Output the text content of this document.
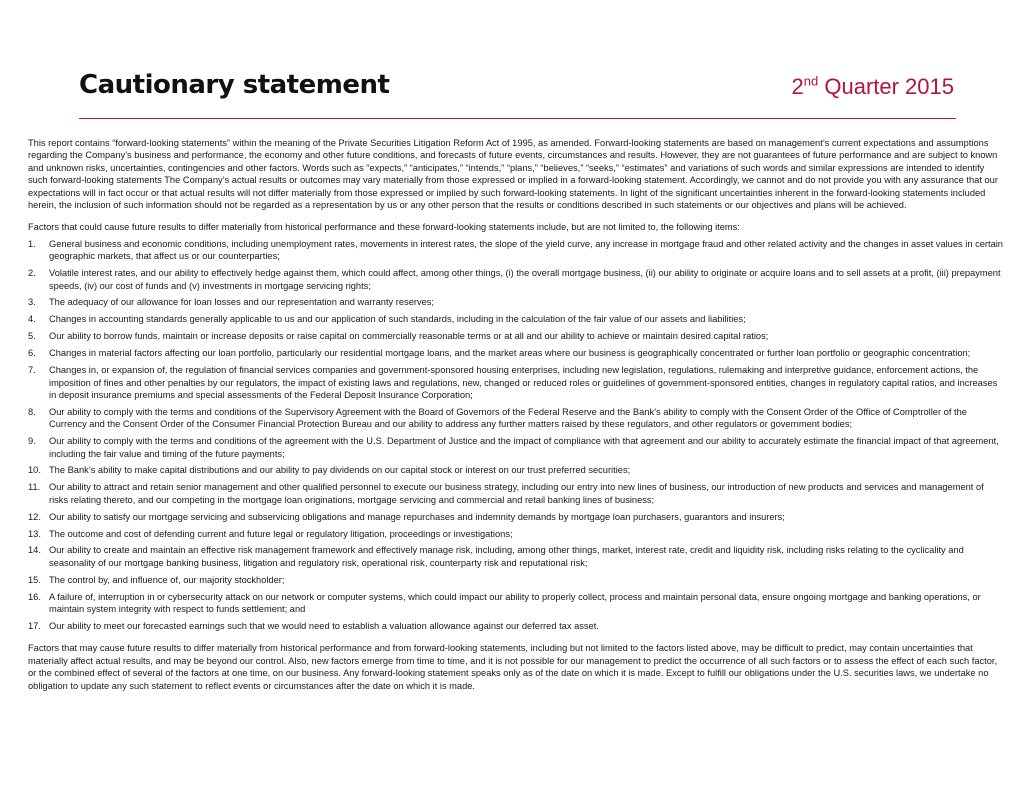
Cautionary statement	2nd Quarter 2015

This report contains “forward-looking statements” within the meaning of the Private Securities Litigation Reform Act of 1995, as amended. Forward-looking statements are based on management’s current expectations and assumptions regarding the Company’s business and performance, the economy and other future conditions, and forecasts of future events, circumstances and results. However, they are not guarantees of future performance and are subject to known and unknown risks, uncertainties, contingencies and other factors. Words such as “expects,” “anticipates,” “intends,” “plans,” “believes,” “seeks,” “estimates” and variations of such words and similar expressions are intended to identify such forward-looking statements The Company’s actual results or outcomes may vary materially from those expressed or implied in a forward-looking statement. Accordingly, we cannot and do not provide you with any assurance that our expectations will in fact occur or that actual results will not differ materially from those expressed or implied by such forward-looking statements. In light of the significant uncertainties inherent in the forward-looking statements included herein, the inclusion of such information should not be regarded as a representation by us or any other person that the results or conditions described in such statements or our objectives and plans will be achieved.

Factors that could cause future results to differ materially from historical performance and these forward-looking statements include, but are not limited to, the following items:

1.	General business and economic conditions, including unemployment rates, movements in interest rates, the slope of the yield curve, any increase in mortgage fraud and other related activity and the changes in asset values in certain geographic markets, that affect us or our counterparties;
2.	Volatile interest rates, and our ability to effectively hedge against them, which could affect, among other things, (i) the overall mortgage business, (ii) our ability to originate or acquire loans and to sell assets at a profit, (iii) prepayment speeds, (iv) our cost of funds and (v) investments in mortgage servicing rights;
3.	The adequacy of our allowance for loan losses and our representation and warranty reserves;
4.	Changes in accounting standards generally applicable to us and our application of such standards, including in the calculation of the fair value of our assets and liabilities;
5.	Our ability to borrow funds, maintain or increase deposits or raise capital on commercially reasonable terms or at all and our ability to achieve or maintain desired capital ratios;
6.	Changes in material factors affecting our loan portfolio, particularly our residential mortgage loans, and the market areas where our business is geographically concentrated or further loan portfolio or geographic concentration;
7.	Changes in, or expansion of, the regulation of financial services companies and government-sponsored housing enterprises, including new legislation, regulations, rulemaking and interpretive guidance, enforcement actions, the imposition of fines and other penalties by our regulators, the impact of existing laws and regulations, new, changed or reduced roles or guidelines of government-sponsored entities, changes in regulatory capital ratios, and increases in deposit insurance premiums and special assessments of the Federal Deposit Insurance Corporation;
8.	Our ability to comply with the terms and conditions of the Supervisory Agreement with the Board of Governors of the Federal Reserve and the Bank’s ability to comply with the Consent Order of the Office of Comptroller of the Currency and the Consent Order of the Consumer Financial Protection Bureau and our ability to address any further matters raised by these regulators, and other regulators or government bodies;
9.	Our ability to comply with the terms and conditions of the agreement with the U.S. Department of Justice and the impact of compliance with that agreement and our ability to accurately estimate the financial impact of that agreement, including the fair value and timing of the future payments;
10. The Bank’s ability to make capital distributions and our ability to pay dividends on our capital stock or interest on our trust preferred securities;
11. Our ability to attract and retain senior management and other qualified personnel to execute our business strategy, including our entry into new lines of business, our introduction of new products and services and management of risks relating thereto, and our competing in the mortgage loan originations, mortgage servicing and commercial and retail banking lines of business;
12. Our ability to satisfy our mortgage servicing and subservicing obligations and manage repurchases and indemnity demands by mortgage loan purchasers, guarantors and insurers;
13. The outcome and cost of defending current and future legal or regulatory litigation, proceedings or investigations;
14. Our ability to create and maintain an effective risk management framework and effectively manage risk, including, among other things, market, interest rate, credit and liquidity risk, including risks relating to the cyclicality and seasonality of our mortgage banking business, litigation and regulatory risk, operational risk, counterparty risk and reputational risk;
15. The control by, and influence of, our majority stockholder;
16. A failure of, interruption in or cybersecurity attack on our network or computer systems, which could impact our ability to properly collect, process and maintain personal data, ensure ongoing mortgage and banking operations, or maintain system integrity with respect to funds settlement; and
17. Our ability to meet our forecasted earnings such that we would need to establish a valuation allowance against our deferred tax asset.

Factors that may cause future results to differ materially from historical performance and from forward-looking statements, including but not limited to the factors listed above, may be difficult to predict, may contain uncertainties that materially affect actual results, and may be beyond our control. Also, new factors emerge from time to time, and it is not possible for our management to predict the occurrence of all such factors or to assess the effect of each such factor, or the combined effect of several of the factors at one time, on our business. Any forward-looking statement speaks only as of the date on which it is made. Except to fulfill our obligations under the U.S. securities laws, we undertake no obligation to update any such statement to reflect events or circumstances after the date on which it is made.
